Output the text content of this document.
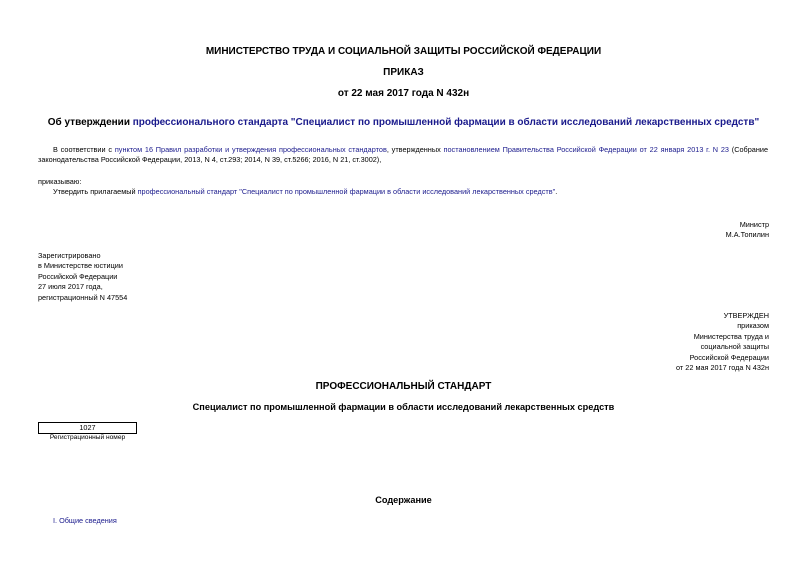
МИНИСТЕРСТВО ТРУДА И СОЦИАЛЬНОЙ ЗАЩИТЫ РОССИЙСКОЙ ФЕДЕРАЦИИ
ПРИКАЗ
от 22 мая 2017 года N 432н
Об утверждении профессионального стандарта "Специалист по промышленной фармации в области исследований лекарственных средств"
В соответствии с пунктом 16 Правил разработки и утверждения профессиональных стандартов, утвержденных постановлением Правительства Российской Федерации от 22 января 2013 г. N 23 (Собрание законодательства Российской Федерации, 2013, N 4, ст.293; 2014, N 39, ст.5266; 2016, N 21, ст.3002),
приказываю:
Утвердить прилагаемый профессиональный стандарт "Специалист по промышленной фармации в области исследований лекарственных средств".
Министр
М.А.Топилин
Зарегистрировано
в Министерстве юстиции
Российской Федерации
27 июля 2017 года,
регистрационный N 47554
УТВЕРЖДЕН
приказом
Министерства труда и
социальной защиты
Российской Федерации
от 22 мая 2017 года N 432н
ПРОФЕССИОНАЛЬНЫЙ СТАНДАРТ
Специалист по промышленной фармации в области исследований лекарственных средств
1027
Регистрационный номер
Содержание
I. Общие сведения
